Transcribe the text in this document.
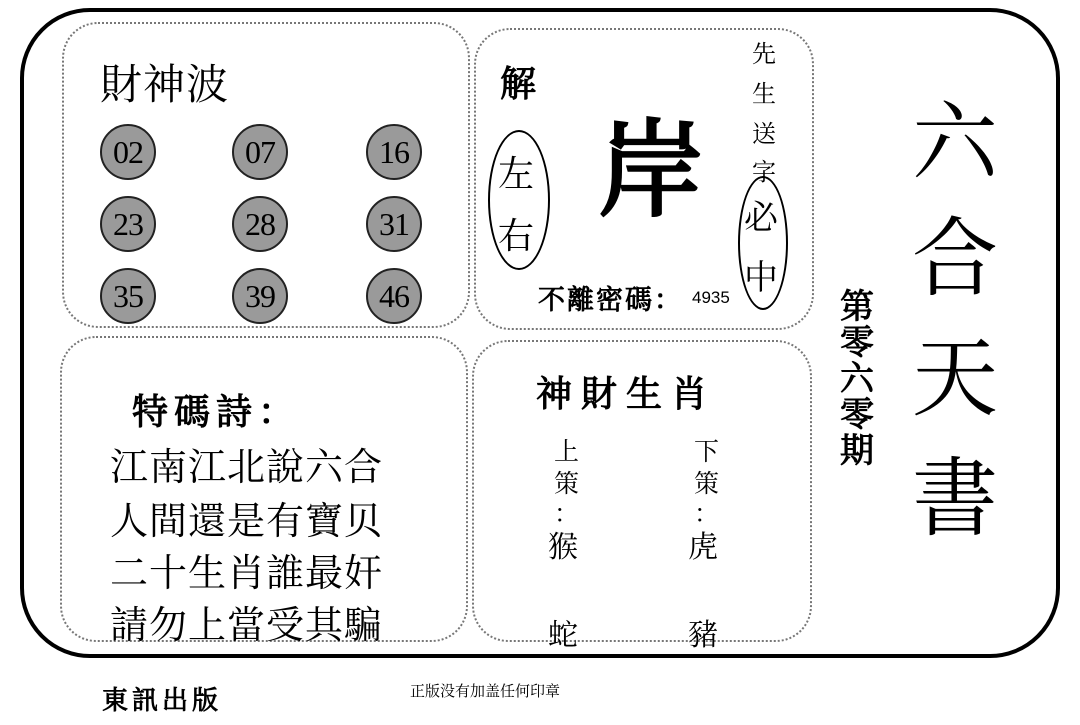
財神波
02	07	16
23	28	31
35	39	46
解
左
右
岸
先
生
送
字
必
中
不離密碼： 4935
特碼詩：
江南江北說六合
人間還是有寶贝
二十生肖誰最奸
請勿上當受其騙
神財生肖
上
策
：
猴
蛇
下
策
：
虎
豬
六
合
天
書
第
零
六
零
期
東訊出版	正版没有加盖任何印章
